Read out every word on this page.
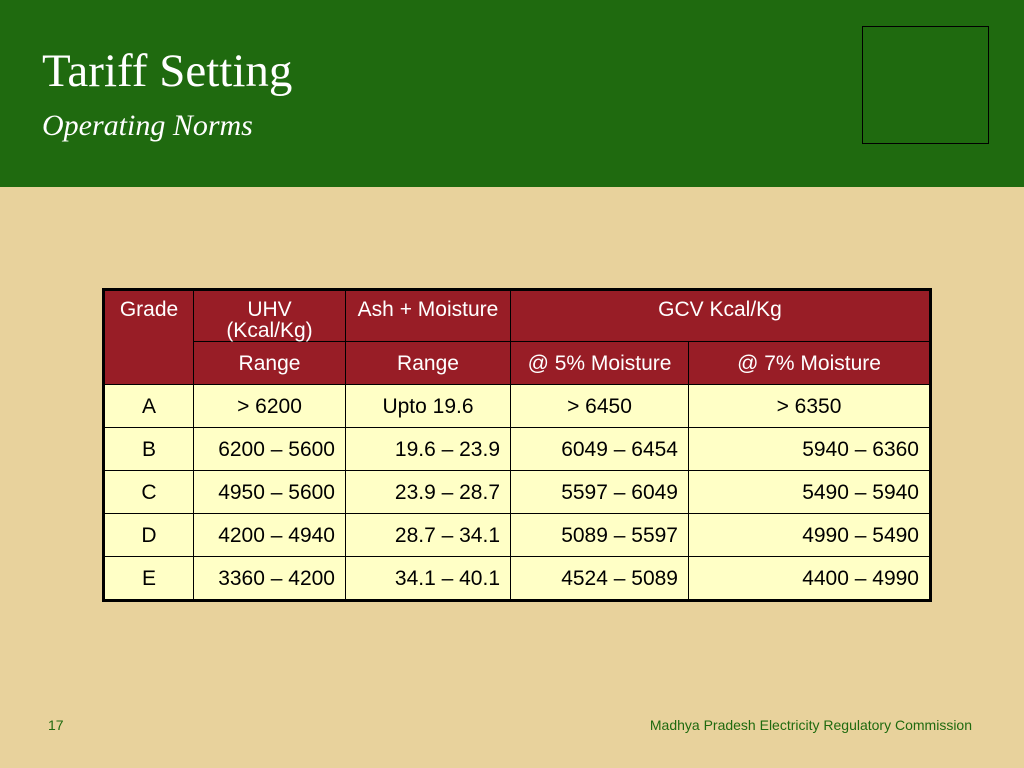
Tariff Setting
Operating Norms
Grade	UHV (Kcal/Kg)	Ash + Moisture	GCV Kcal/Kg	
	Range	Range	@ 5% Moisture	@ 7% Moisture
A	> 6200	Upto 19.6	> 6450	> 6350
B	6200 – 5600	19.6 – 23.9	6049 – 6454	5940 – 6360
C	4950 – 5600	23.9 – 28.7	5597 – 6049	5490 – 5940
D	4200 – 4940	28.7 – 34.1	5089 – 5597	4990 – 5490
E	3360 – 4200	34.1 – 40.1	4524 – 5089	4400 – 4990
17	Madhya Pradesh Electricity Regulatory Commission
